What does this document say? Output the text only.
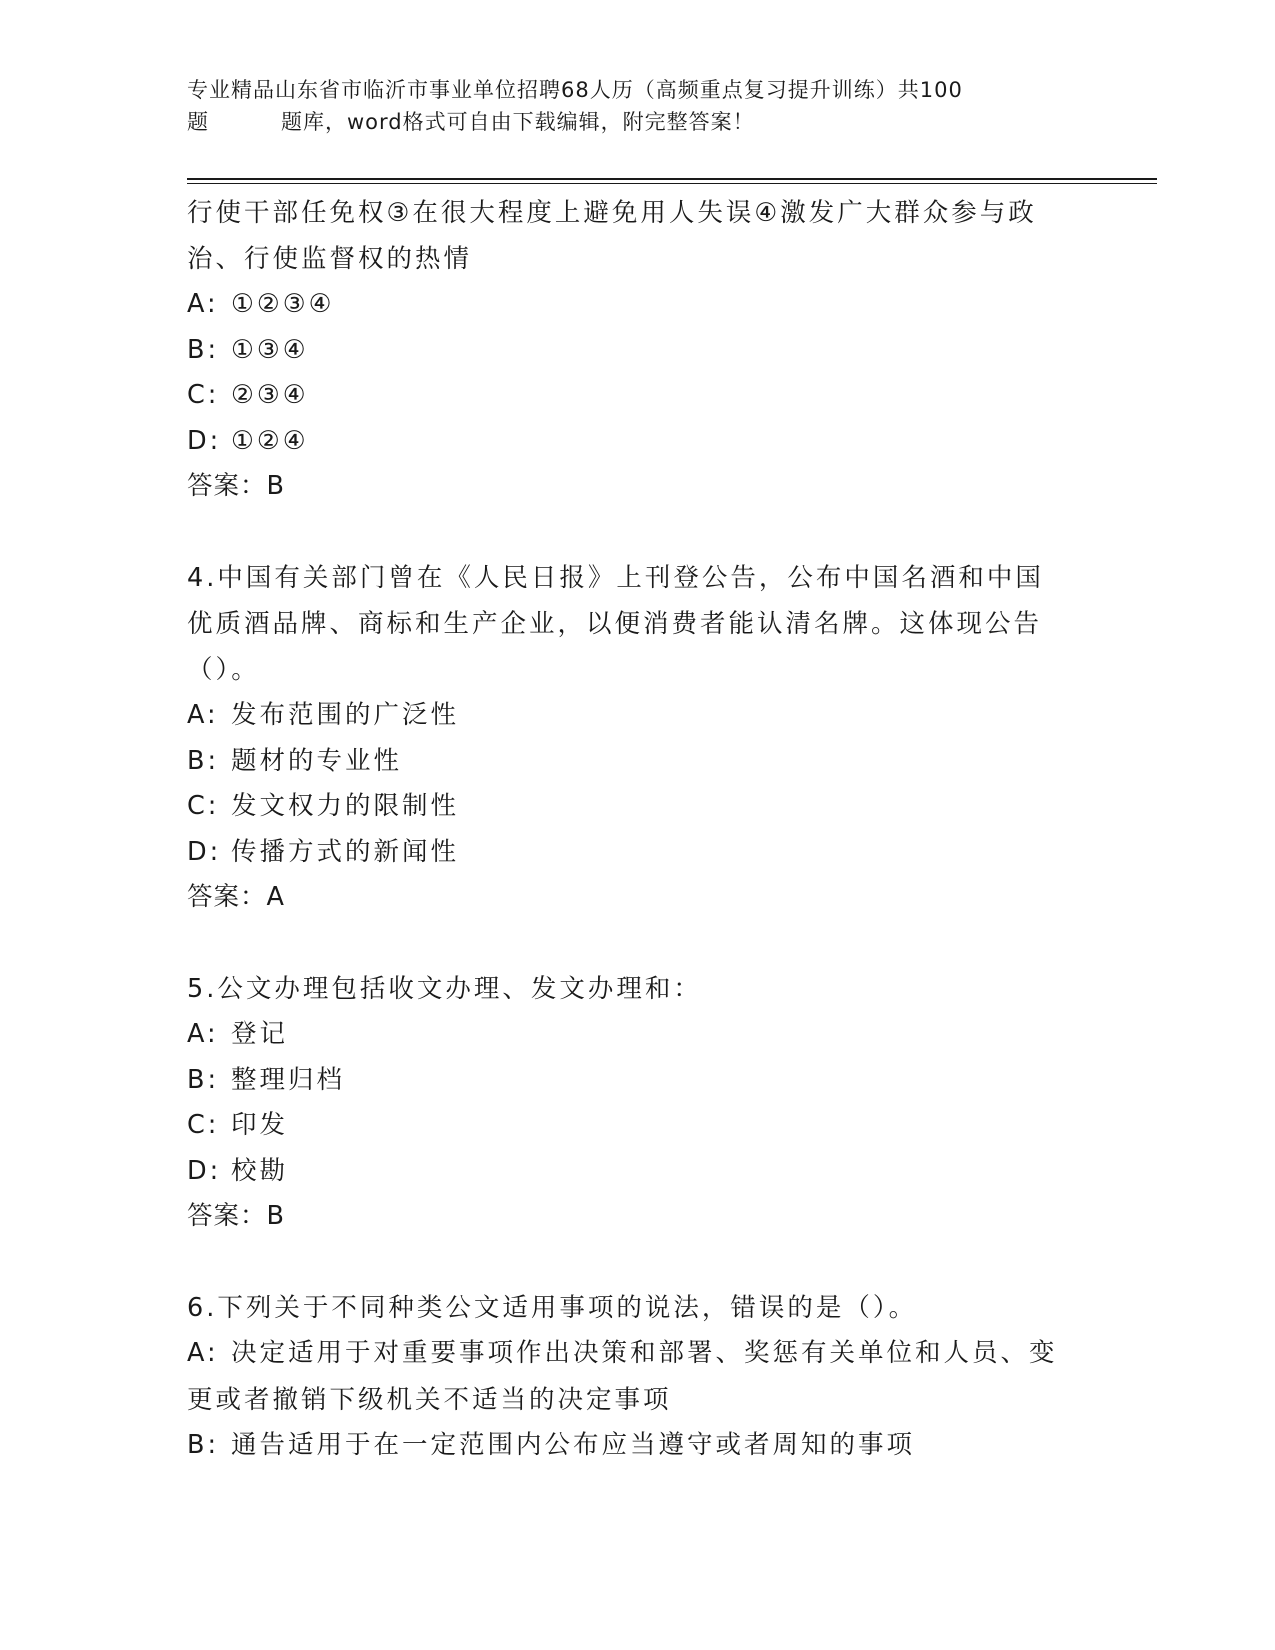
专业精品山东省市临沂市事业单位招聘68人历（高频重点复习提升训练）共100
题	题库，word格式可自由下载编辑，附完整答案！
行使干部任免权③在很大程度上避免用人失误④激发广大群众参与政
治、行使监督权的热情
A: ①②③④
B: ①③④
C: ②③④
D: ①②④
答案：B
4.中国有关部门曾在《人民日报》上刊登公告，公布中国名酒和中国
优质酒品牌、商标和生产企业，以便消费者能认清名牌。这体现公告
（）。
A: 发布范围的广泛性
B: 题材的专业性
C: 发文权力的限制性
D: 传播方式的新闻性
答案：A
5.公文办理包括收文办理、发文办理和：
A: 登记
B: 整理归档
C: 印发
D: 校勘
答案：B
6.下列关于不同种类公文适用事项的说法，错误的是（）。
A: 决定适用于对重要事项作出决策和部署、奖惩有关单位和人员、变
更或者撤销下级机关不适当的决定事项
B: 通告适用于在一定范围内公布应当遵守或者周知的事项
